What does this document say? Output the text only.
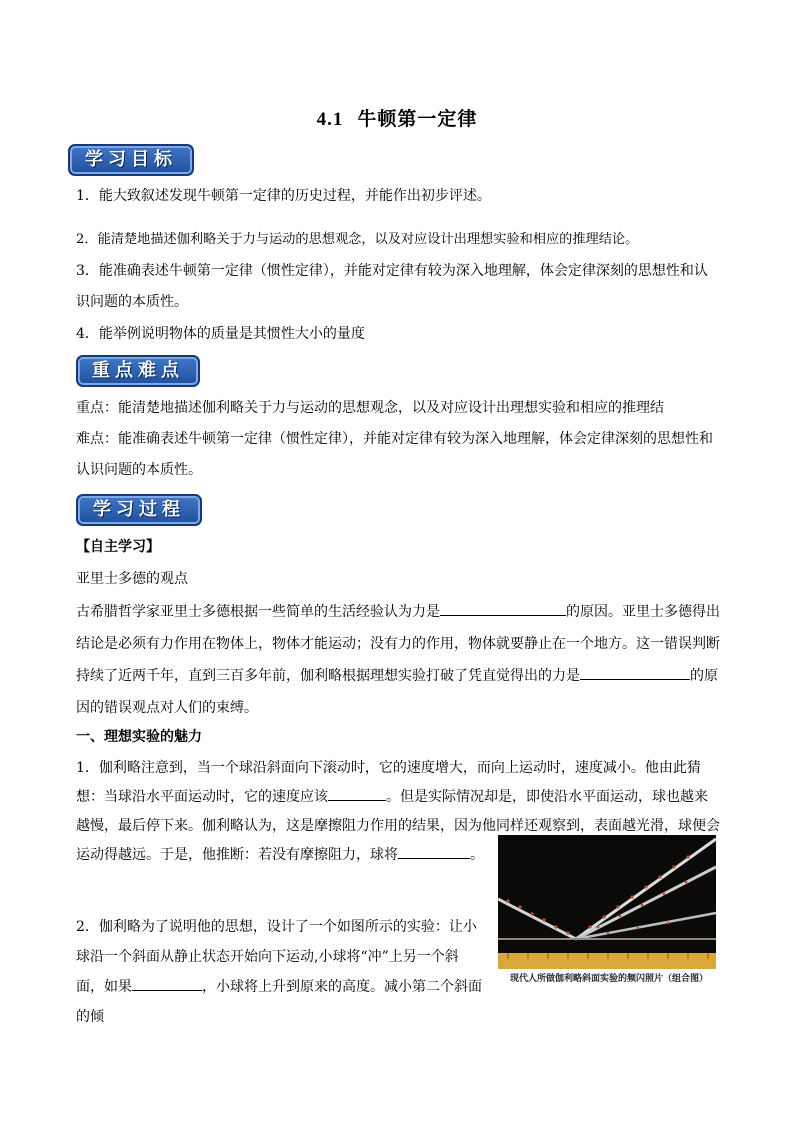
4.1 牛顿第一定律
学习目标
1．能大致叙述发现牛顿第一定律的历史过程，并能作出初步评述。
2．能清楚地描述伽利略关于力与运动的思想观念，以及对应设计出理想实验和相应的推理结论。
3．能准确表述牛顿第一定律（惯性定律），并能对定律有较为深入地理解，体会定律深刻的思想性和认识问题的本质性。
4．能举例说明物体的质量是其惯性大小的量度
重点难点
重点：能清楚地描述伽利略关于力与运动的思想观念，以及对应设计出理想实验和相应的推理结
难点：能准确表述牛顿第一定律（惯性定律），并能对定律有较为深入地理解，体会定律深刻的思想性和认识问题的本质性。
学习过程
【自主学习】
亚里士多德的观点
古希腊哲学家亚里士多德根据一些简单的生活经验认为力是	的原因。亚里士多德得出结论是必须有力作用在物体上，物体才能运动；没有力的作用，物体就要静止在一个地方。这一错误判断持续了近两千年，直到三百多年前，伽利略根据理想实验打破了凭直觉得出的力是	的原因的错误观点对人们的束缚。
一、理想实验的魅力
1．伽利略注意到，当一个球沿斜面向下滚动时，它的速度增大，而向上运动时，速度减小。他由此猜想：当球沿水平面运动时，它的速度应该	。但是实际情况却是，即使沿水平面运动，球也越来越慢，最后停下来。伽利略认为，这是摩擦阻力作用的结果，因为他同样还观察到，表面越光滑，球便会运动得越远。于是，他推断：若没有摩擦阻力，球将	。
2．伽利略为了说明他的思想，设计了一个如图所示的实验：让小球沿一个斜面从静止状态开始向下运动,小球将“冲”上另一个斜面，如果	，小球将上升到原来的高度。减小第二个斜面的倾
现代人所做伽利略斜面实验的频闪照片（组合图）
